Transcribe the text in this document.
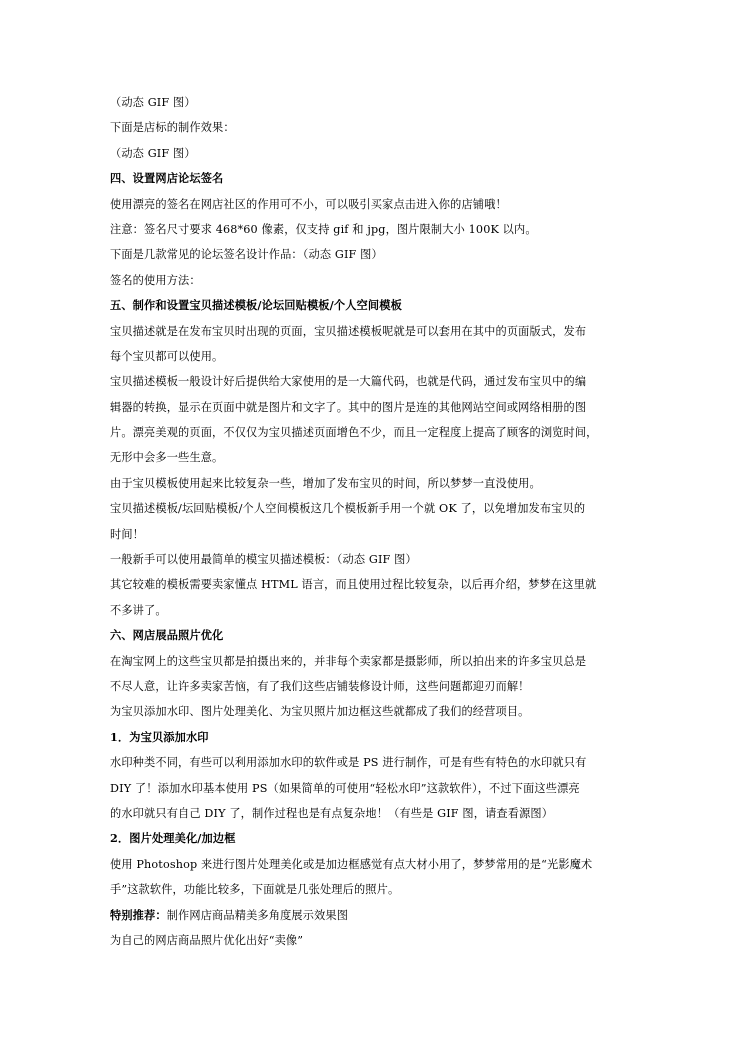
（动态 GIF 图）
下面是店标的制作效果：
（动态 GIF 图）
四、设置网店论坛签名
使用漂亮的签名在网店社区的作用可不小，可以吸引买家点击进入你的店铺哦！
注意：签名尺寸要求 468*60 像素，仅支持 gif 和 jpg，图片限制大小 100K 以内。
下面是几款常见的论坛签名设计作品：（动态 GIF 图）
签名的使用方法：
五、制作和设置宝贝描述模板/论坛回贴模板/个人空间模板
宝贝描述就是在发布宝贝时出现的页面，宝贝描述模板呢就是可以套用在其中的页面版式，发布
每个宝贝都可以使用。
宝贝描述模板一般设计好后提供给大家使用的是一大篇代码，也就是代码，通过发布宝贝中的编
辑器的转换，显示在页面中就是图片和文字了。其中的图片是连的其他网站空间或网络相册的图
片。漂亮美观的页面，不仅仅为宝贝描述页面增色不少，而且一定程度上提高了顾客的浏览时间，
无形中会多一些生意。
由于宝贝模板使用起来比较复杂一些，增加了发布宝贝的时间，所以梦梦一直没使用。
宝贝描述模板/坛回贴模板/个人空间模板这几个模板新手用一个就 OK 了，以免增加发布宝贝的
时间！
一般新手可以使用最简单的模宝贝描述模板：（动态 GIF 图）
其它较难的模板需要卖家懂点 HTML 语言，而且使用过程比较复杂，以后再介绍，梦梦在这里就
不多讲了。
六、网店展品照片优化
在淘宝网上的这些宝贝都是拍摄出来的，并非每个卖家都是摄影师，所以拍出来的许多宝贝总是
不尽人意，让许多卖家苦恼，有了我们这些店铺装修设计师，这些问题都迎刃而解！
为宝贝添加水印、图片处理美化、为宝贝照片加边框这些就都成了我们的经营项目。
1．为宝贝添加水印
水印种类不同，有些可以利用添加水印的软件或是 PS 进行制作，可是有些有特色的水印就只有
DIY 了！添加水印基本使用 PS（如果简单的可使用“轻松水印”这款软件），不过下面这些漂亮
的水印就只有自己 DIY 了，制作过程也是有点复杂地！（有些是 GIF 图，请查看源图）
2．图片处理美化/加边框
使用 Photoshop 来进行图片处理美化或是加边框感觉有点大材小用了，梦梦常用的是“光影魔术
手”这款软件，功能比较多，下面就是几张处理后的照片。
特别推荐：制作网店商品精美多角度展示效果图
为自己的网店商品照片优化出好“卖像”
